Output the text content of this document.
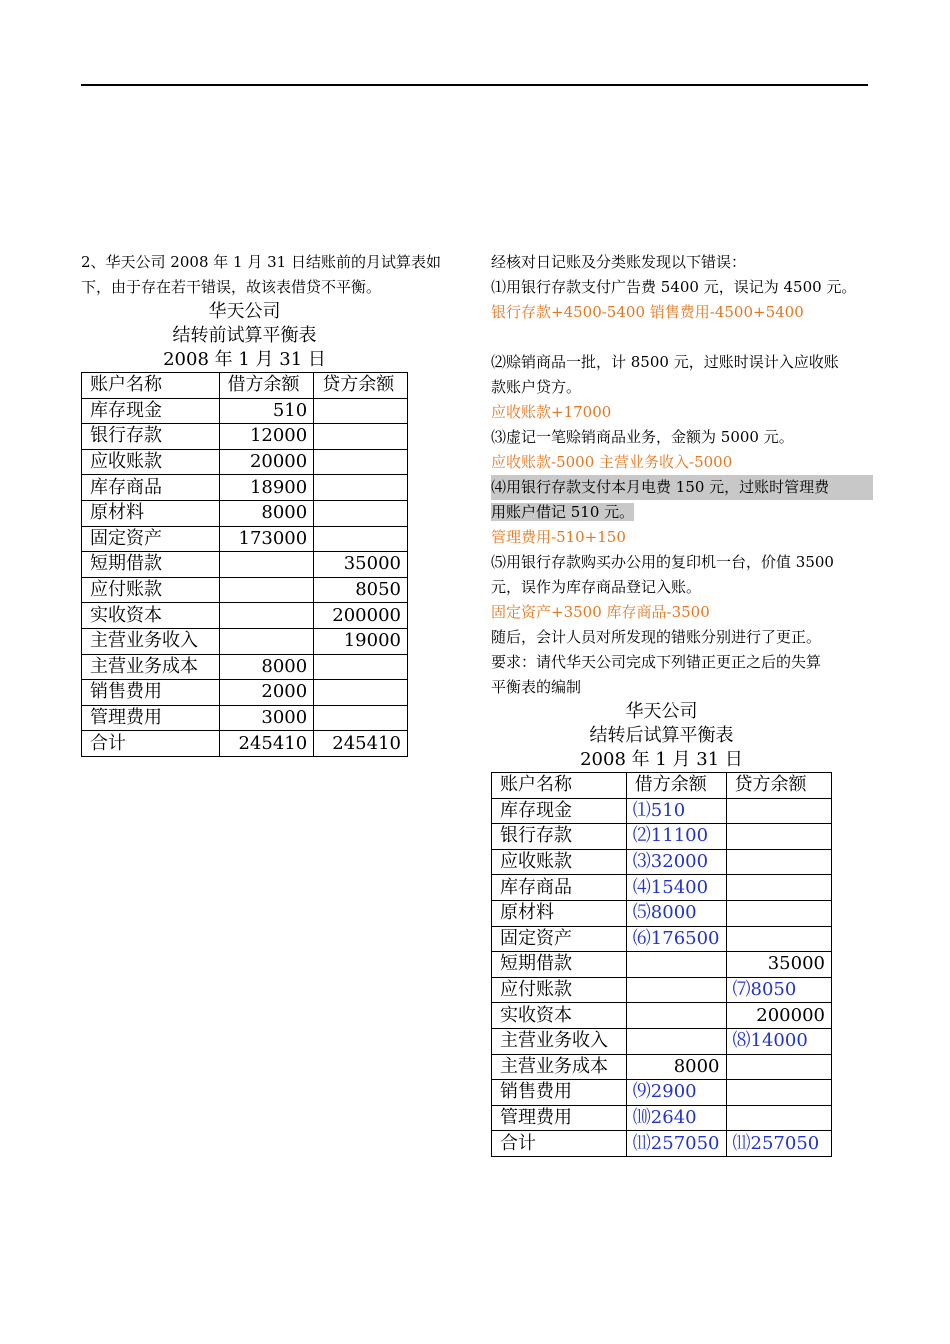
2、华天公司 2008 年 1 月 31 日结账前的月试算表如

下，由于存在若干错误，故该表借贷不平衡。

华天公司

结转前试算平衡表

2008 年 1 月 31 日

账户名称	借方余额	贷方余额
库存现金	510	
银行存款	12000	
应收账款	20000	
库存商品	18900	
原材料	8000	
固定资产	173000	
短期借款		35000
应付账款		8050
实收资本		200000
主营业务收入		19000
主营业务成本	8000	
销售费用	2000	
管理费用	3000	
合计	245410	245410

经核对日记账及分类账发现以下错误：

⑴用银行存款支付广告费 5400 元，误记为 4500 元。

银行存款+4500-5400 销售费用-4500+5400

⑵赊销商品一批，计 8500 元，过账时误计入应收账

款账户贷方。

应收账款+17000

⑶虚记一笔赊销商品业务，金额为 5000 元。

应收账款-5000 主营业务收入-5000

⑷用银行存款支付本月电费 150 元，过账时管理费

用账户借记 510 元。

管理费用-510+150

⑸用银行存款购买办公用的复印机一台，价值 3500

元，误作为库存商品登记入账。

固定资产+3500 库存商品-3500

随后，会计人员对所发现的错账分别进行了更正。

要求：请代华天公司完成下列错正更正之后的失算

平衡表的编制

华天公司

结转后试算平衡表

2008 年 1 月 31 日

账户名称	借方余额	贷方余额
库存现金	⑴510	
银行存款	⑵11100	
应收账款	⑶32000	
库存商品	⑷15400	
原材料	⑸8000	
固定资产	⑹176500	
短期借款		35000
应付账款		⑺8050
实收资本		200000
主营业务收入		⑻14000
主营业务成本	8000	
销售费用	⑼2900	
管理费用	⑽2640	
合计	⑾257050	⑾257050
